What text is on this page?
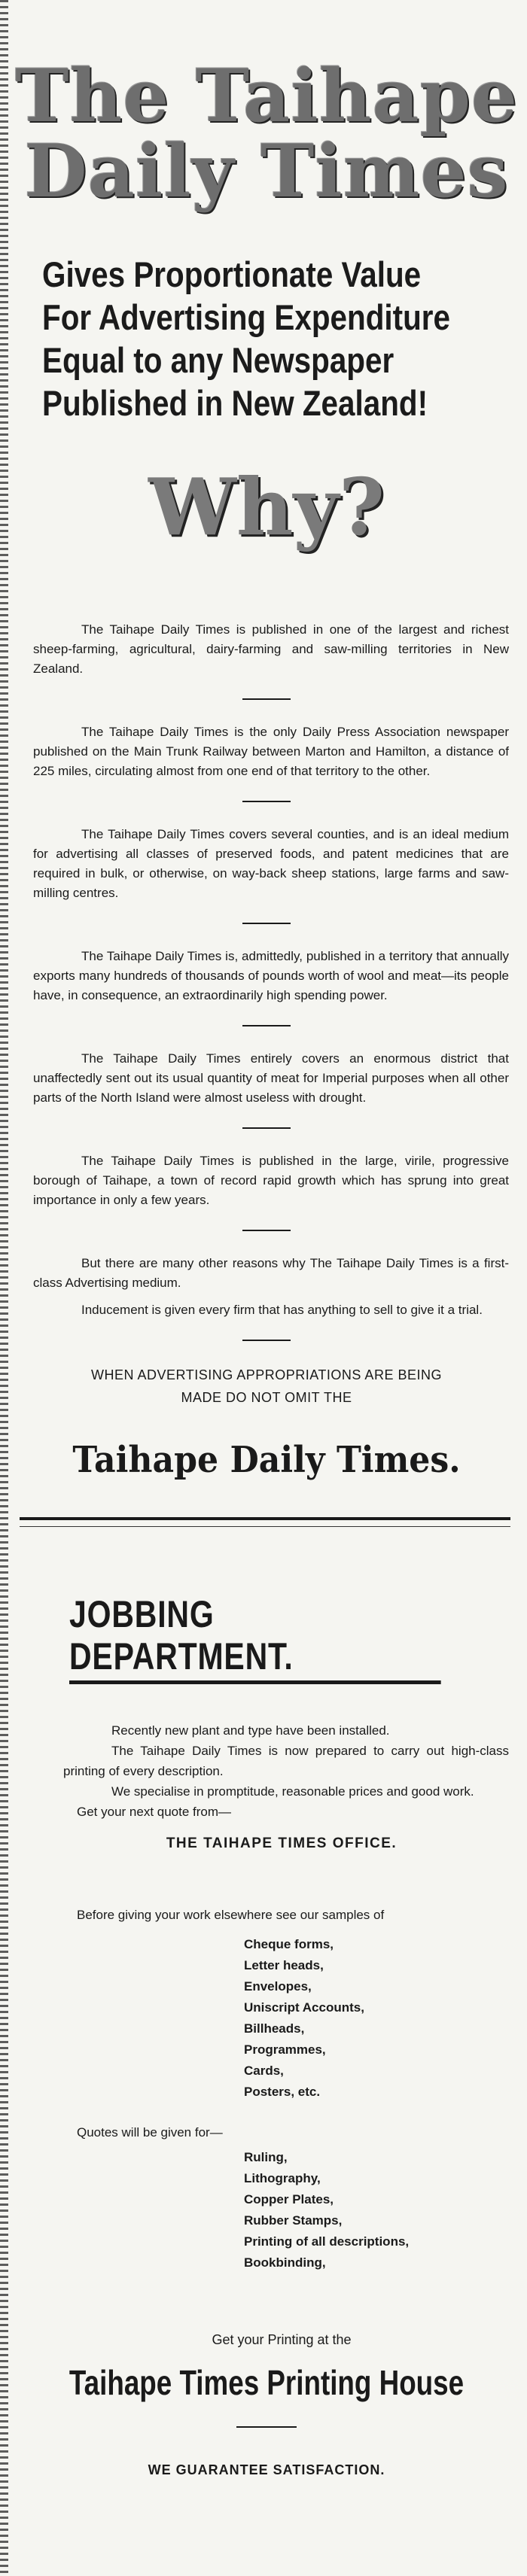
The Taihape
Daily Times
Gives Proportionate Value
For Advertising Expenditure
Equal to any Newspaper
Published in New Zealand!
Why?

The Taihape Daily Times is published in one of the largest and richest sheep-farming, agricultural, dairy-farming and saw-milling territories in New Zealand.

The Taihape Daily Times is the only Daily Press Association newspaper published on the Main Trunk Railway between Marton and Hamilton, a distance of 225 miles, circulating almost from one end of that territory to the other.

The Taihape Daily Times covers several counties, and is an ideal medium for advertising all classes of preserved foods, and patent medicines that are required in bulk, or otherwise, on way-back sheep stations, large farms and saw-milling centres.

The Taihape Daily Times is, admittedly, published in a territory that annually exports many hundreds of thousands of pounds worth of wool and meat—its people have, in consequence, an extraordinarily high spending power.

The Taihape Daily Times entirely covers an enormous district that unaffectedly sent out its usual quantity of meat for Imperial purposes when all other parts of the North Island were almost useless with drought.

The Taihape Daily Times is published in the large, virile, progressive borough of Taihape, a town of record rapid growth which has sprung into great importance in only a few years.

But there are many other reasons why The Taihape Daily Times is a first-class Advertising medium.

Inducement is given every firm that has anything to sell to give it a trial.

WHEN ADVERTISING APPROPRIATIONS ARE BEING

MADE DO NOT OMIT THE

Taihape Daily Times.
JOBBING DEPARTMENT.

Recently new plant and type have been installed.

The Taihape Daily Times is now prepared to carry out high-class printing of every description.

We specialise in promptitude, reasonable prices and good work.

Get your next quote from—

THE TAIHAPE TIMES OFFICE.

Before giving your work elsewhere see our samples of

Cheque forms,
Letter heads,
Envelopes,
Uniscript Accounts,
Billheads,
Programmes,
Cards,
Posters, etc.

Quotes will be given for—

Ruling,
Lithography,
Copper Plates,
Rubber Stamps,
Printing of all descriptions,
Bookbinding,
Get your Printing at the
Taihape Times Printing House
WE GUARANTEE SATISFACTION.
